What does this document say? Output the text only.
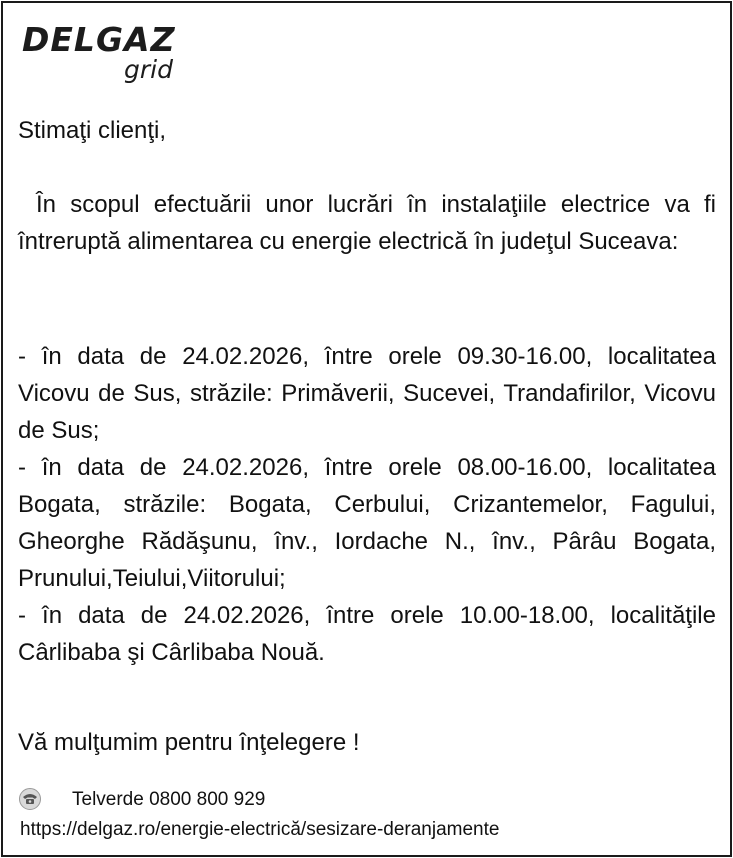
DELGAZ
grid
Stimaţi clienţi,
În scopul efectuării unor lucrări în instalaţiile electrice va fi întreruptă alimentarea cu energie electrică în judeţul Suceava:
- în data de 24.02.2026, între orele 09.30-16.00, localitatea Vicovu de Sus, străzile: Primăverii, Sucevei, Trandafirilor, Vicovu de Sus;
- în data de 24.02.2026, între orele 08.00-16.00, localitatea Bogata, străzile: Bogata, Cerbului, Crizantemelor, Fagului, Gheorghe Rădăşunu, înv., Iordache N., înv., Pârâu Bogata, Prunului,Teiului,Viitorului;
- în data de 24.02.2026, între orele 10.00-18.00, localităţile Cârlibaba şi Cârlibaba Nouă.
Vă mulţumim pentru înţelegere !
Telverde 0800 800 929
https://delgaz.ro/energie-electrică/sesizare-deranjamente
